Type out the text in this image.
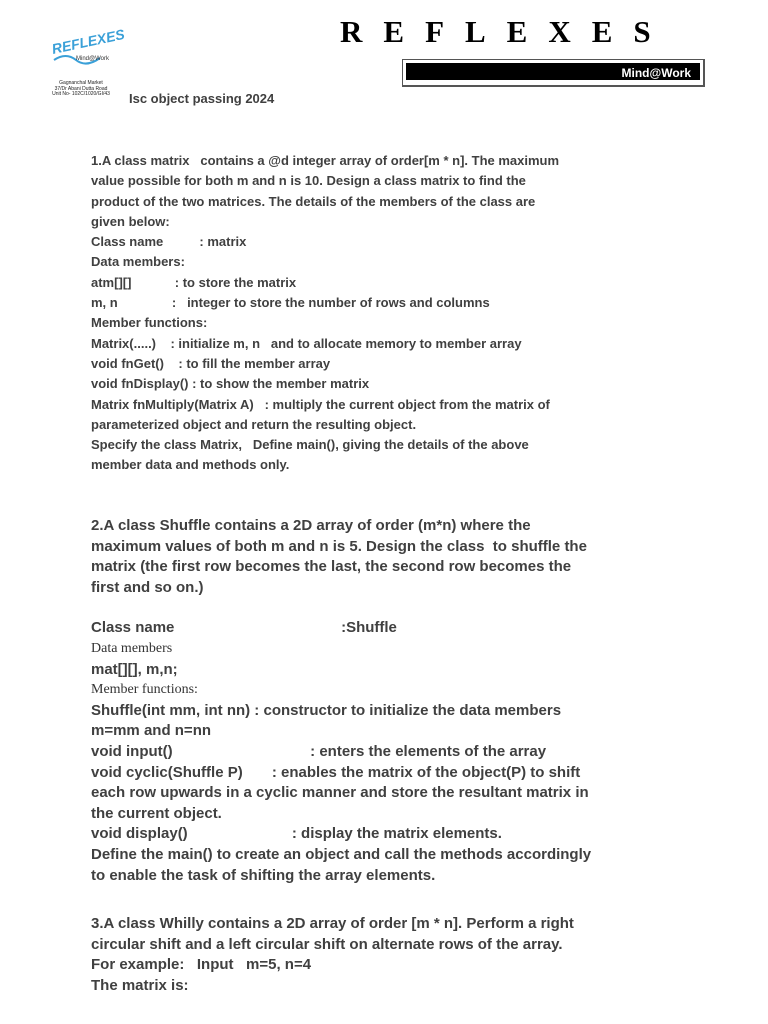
REFLEXES
Mind@Work
Gagnanchal Market
37/Dr Abani Dutta Road
Unit No- 102C/1020/GI/43
REFLEXES
Mind@Work
Isc object passing 2024
1.A class matrix   contains a @d integer array of order[m * n]. The maximum
value possible for both m and n is 10. Design a class matrix to find the
product of the two matrices. The details of the members of the class are
given below:
Class name          : matrix
Data members:
atm[][]            : to store the matrix
m, n               :   integer to store the number of rows and columns
Member functions:
Matrix(.....)    : initialize m, n   and to allocate memory to member array
void fnGet()    : to fill the member array
void fnDisplay() : to show the member matrix
Matrix fnMultiply(Matrix A)   : multiply the current object from the matrix of
parameterized object and return the resulting object.
Specify the class Matrix,   Define main(), giving the details of the above
member data and methods only.
2.A class Shuffle contains a 2D array of order (m*n) where the
maximum values of both m and n is 5. Design the class  to shuffle the
matrix (the first row becomes the last, the second row becomes the
first and so on.)
Class name                                        :Shuffle
Data members
mat[][], m,n;
Member functions:
Shuffle(int mm, int nn) : constructor to initialize the data members
m=mm and n=nn
void input()                                 : enters the elements of the array
void cyclic(Shuffle P)       : enables the matrix of the object(P) to shift
each row upwards in a cyclic manner and store the resultant matrix in
the current object.
void display()                         : display the matrix elements.
Define the main() to create an object and call the methods accordingly
to enable the task of shifting the array elements.
3.A class Whilly contains a 2D array of order [m * n]. Perform a right
circular shift and a left circular shift on alternate rows of the array.
For example:   Input   m=5, n=4
The matrix is:
